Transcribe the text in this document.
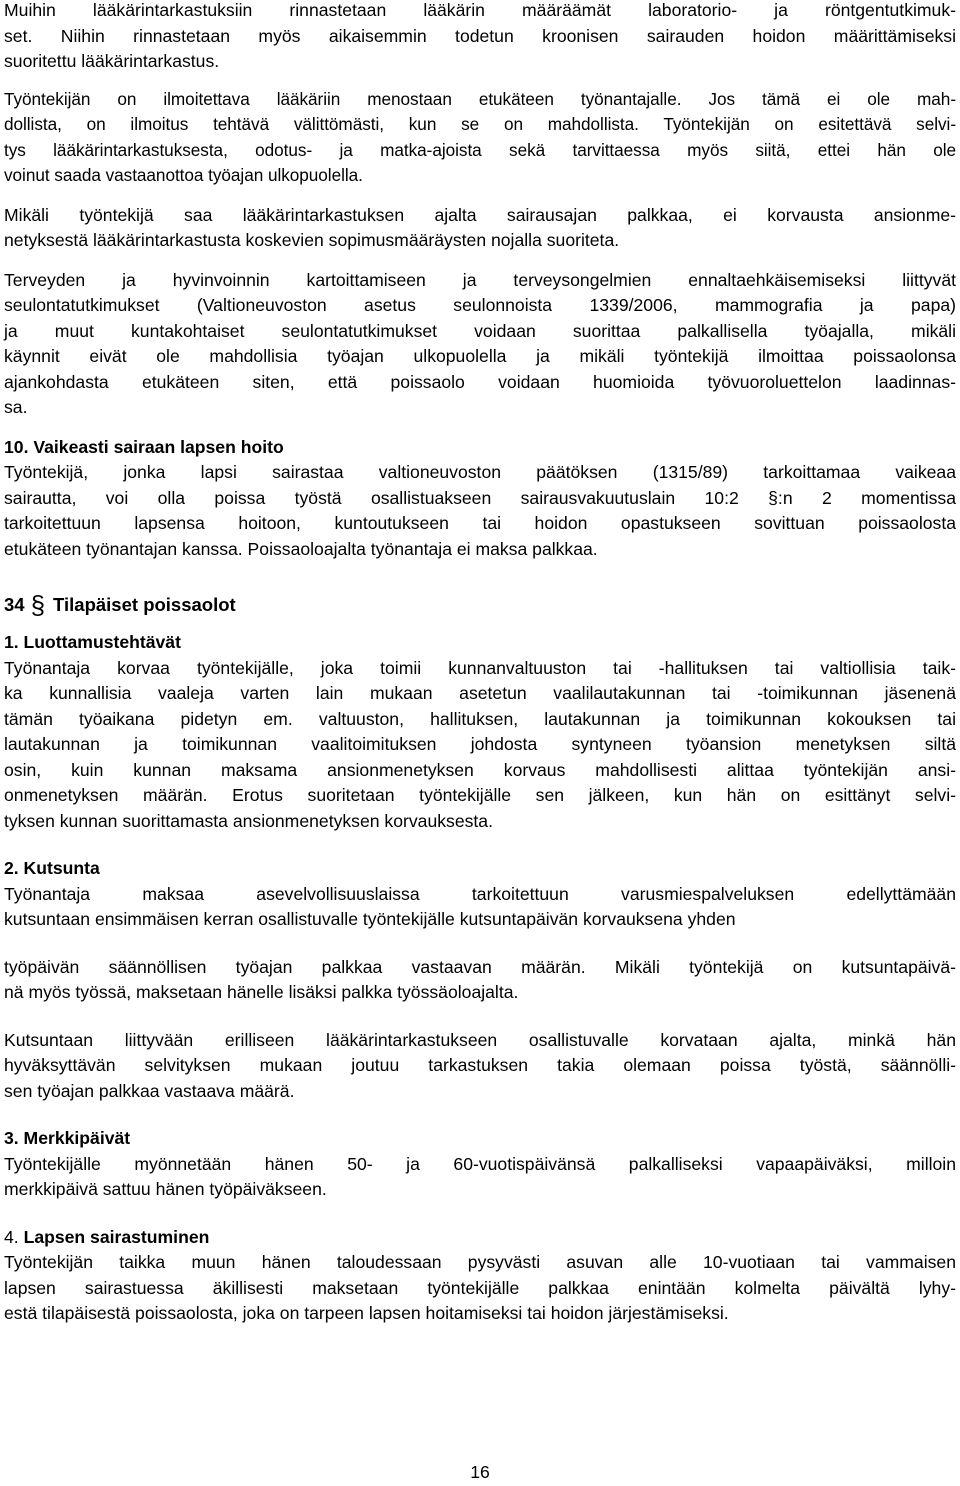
Muihin lääkärintarkastuksiin rinnastetaan lääkärin määräämät laboratorio- ja röntgentutkimuk-
set. Niihin rinnastetaan myös aikaisemmin todetun kroonisen sairauden hoidon määrittämiseksi
suoritettu lääkärintarkastus.
Työntekijän on ilmoitettava lääkäriin menostaan etukäteen työnantajalle. Jos tämä ei ole mah-
dollista, on ilmoitus tehtävä välittömästi, kun se on mahdollista. Työntekijän on esitettävä selvi-
tys lääkärintarkastuksesta, odotus- ja matka-ajoista sekä tarvittaessa myös siitä, ettei hän ole
voinut saada vastaanottoa työajan ulkopuolella.
Mikäli työntekijä saa lääkärintarkastuksen ajalta sairausajan palkkaa, ei korvausta ansionme-
netyksestä lääkärintarkastusta koskevien sopimusmääräysten nojalla suoriteta.
Terveyden ja hyvinvoinnin kartoittamiseen ja terveysongelmien ennaltaehkäisemiseksi liittyvät
seulontatutkimukset (Valtioneuvoston asetus seulonnoista 1339/2006, mammografia ja papa)
ja muut kuntakohtaiset seulontatutkimukset voidaan suorittaa palkallisella työajalla, mikäli
käynnit eivät ole mahdollisia työajan ulkopuolella ja mikäli työntekijä ilmoittaa poissaolonsa
ajankohdasta etukäteen siten, että poissaolo voidaan huomioida työvuoroluettelon laadinnas-
sa.
10. Vaikeasti sairaan lapsen hoito
Työntekijä, jonka lapsi sairastaa valtioneuvoston päätöksen (1315/89) tarkoittamaa vaikeaa
sairautta, voi olla poissa työstä osallistuakseen sairausvakuutuslain 10:2 §:n 2 momentissa
tarkoitettuun lapsensa hoitoon, kuntoutukseen tai hoidon opastukseen sovittuan poissaolosta
etukäteen työnantajan kanssa. Poissaoloajalta työnantaja ei maksa palkkaa.
34 § Tilapäiset poissaolot
1. Luottamustehtävät
Työnantaja korvaa työntekijälle, joka toimii kunnanvaltuuston tai -hallituksen tai valtiollisia taik-
ka kunnallisia vaaleja varten lain mukaan asetetun vaalilautakunnan tai -toimikunnan jäsenenä
tämän työaikana pidetyn em. valtuuston, hallituksen, lautakunnan ja toimikunnan kokouksen tai
lautakunnan ja toimikunnan vaalitoimituksen johdosta syntyneen työansion menetyksen siltä
osin, kuin kunnan maksama ansionmenetyksen korvaus mahdollisesti alittaa työntekijän ansi-
onmenetyksen määrän. Erotus suoritetaan työntekijälle sen jälkeen, kun hän on esittänyt selvi-
tyksen kunnan suorittamasta ansionmenetyksen korvauksesta.
2. Kutsunta
Työnantaja maksaa asevelvollisuuslaissa tarkoitettuun varusmiespalveluksen edellyttämään
kutsuntaan ensimmäisen kerran osallistuvalle työntekijälle kutsuntapäivän korvauksena yhden
työpäivän säännöllisen työajan palkkaa vastaavan määrän. Mikäli työntekijä on kutsuntapäivä-
nä myös työssä, maksetaan hänelle lisäksi palkka työssäoloajalta.
Kutsuntaan liittyvään erilliseen lääkärintarkastukseen osallistuvalle korvataan ajalta, minkä hän
hyväksyttävän selvityksen mukaan joutuu tarkastuksen takia olemaan poissa työstä, säännölli-
sen työajan palkkaa vastaava määrä.
3. Merkkipäivät
Työntekijälle myönnetään hänen 50- ja 60-vuotispäivänsä palkalliseksi vapaapäiväksi, milloin
merkkipäivä sattuu hänen työpäiväkseen.
4. Lapsen sairastuminen
Työntekijän taikka muun hänen taloudessaan pysyvästi asuvan alle 10-vuotiaan tai vammaisen
lapsen sairastuessa äkillisesti maksetaan työntekijälle palkkaa enintään kolmelta päivältä lyhy-
estä tilapäisestä poissaolosta, joka on tarpeen lapsen hoitamiseksi tai hoidon järjestämiseksi.
16
